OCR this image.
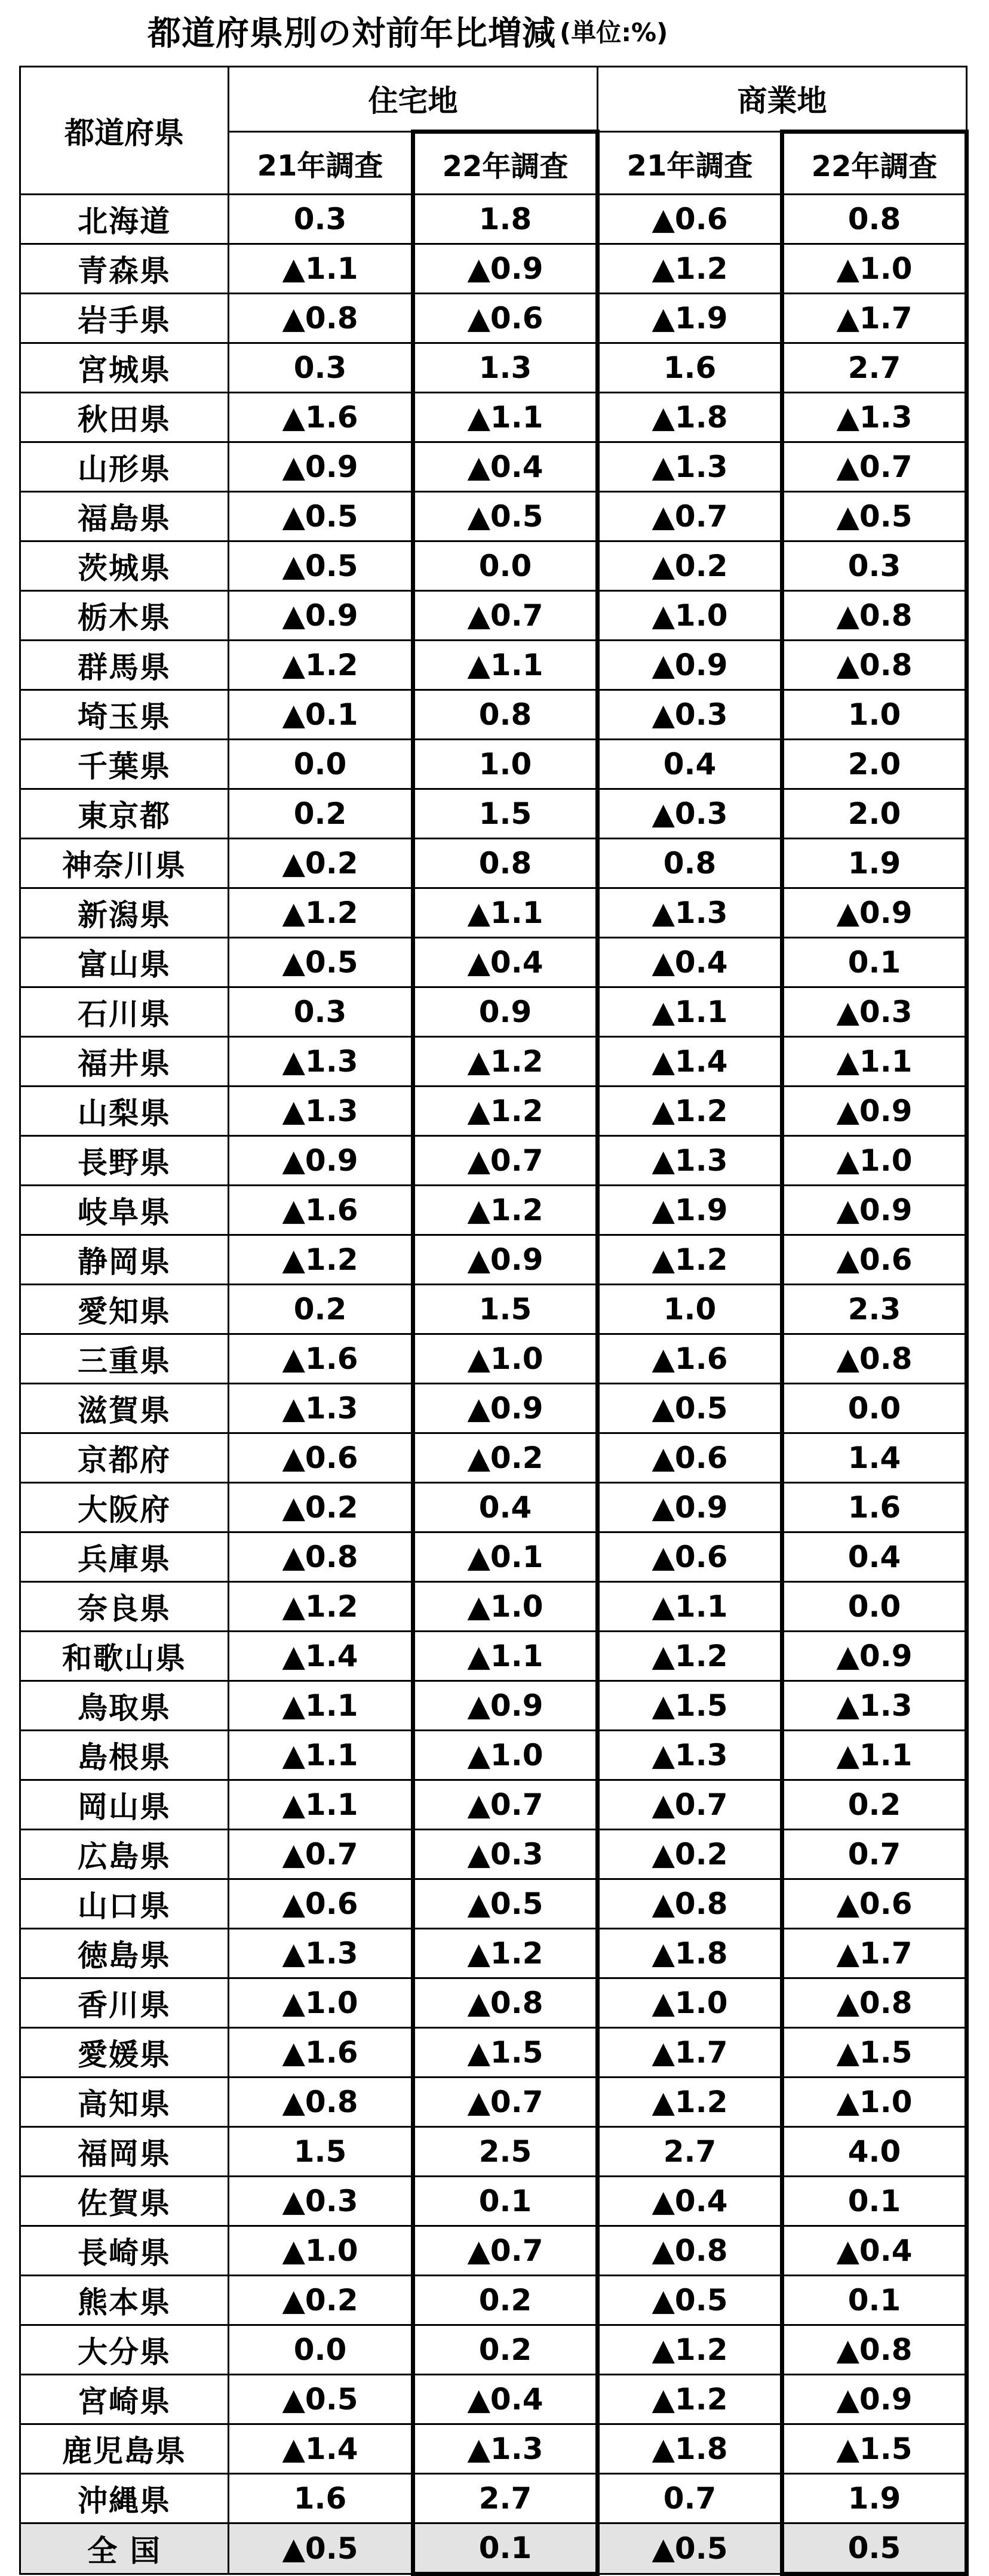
都道府県別の対前年比増減 (単位:%)
都道府県	住宅地		商業地	
	21年調査	22年調査	21年調査	22年調査
北海道	0.3	1.8	▲0.6	0.8
青森県	▲1.1	▲0.9	▲1.2	▲1.0
岩手県	▲0.8	▲0.6	▲1.9	▲1.7
宮城県	0.3	1.3	1.6	2.7
秋田県	▲1.6	▲1.1	▲1.8	▲1.3
山形県	▲0.9	▲0.4	▲1.3	▲0.7
福島県	▲0.5	▲0.5	▲0.7	▲0.5
茨城県	▲0.5	0.0	▲0.2	0.3
栃木県	▲0.9	▲0.7	▲1.0	▲0.8
群馬県	▲1.2	▲1.1	▲0.9	▲0.8
埼玉県	▲0.1	0.8	▲0.3	1.0
千葉県	0.0	1.0	0.4	2.0
東京都	0.2	1.5	▲0.3	2.0
神奈川県	▲0.2	0.8	0.8	1.9
新潟県	▲1.2	▲1.1	▲1.3	▲0.9
富山県	▲0.5	▲0.4	▲0.4	0.1
石川県	0.3	0.9	▲1.1	▲0.3
福井県	▲1.3	▲1.2	▲1.4	▲1.1
山梨県	▲1.3	▲1.2	▲1.2	▲0.9
長野県	▲0.9	▲0.7	▲1.3	▲1.0
岐阜県	▲1.6	▲1.2	▲1.9	▲0.9
静岡県	▲1.2	▲0.9	▲1.2	▲0.6
愛知県	0.2	1.5	1.0	2.3
三重県	▲1.6	▲1.0	▲1.6	▲0.8
滋賀県	▲1.3	▲0.9	▲0.5	0.0
京都府	▲0.6	▲0.2	▲0.6	1.4
大阪府	▲0.2	0.4	▲0.9	1.6
兵庫県	▲0.8	▲0.1	▲0.6	0.4
奈良県	▲1.2	▲1.0	▲1.1	0.0
和歌山県	▲1.4	▲1.1	▲1.2	▲0.9
鳥取県	▲1.1	▲0.9	▲1.5	▲1.3
島根県	▲1.1	▲1.0	▲1.3	▲1.1
岡山県	▲1.1	▲0.7	▲0.7	0.2
広島県	▲0.7	▲0.3	▲0.2	0.7
山口県	▲0.6	▲0.5	▲0.8	▲0.6
徳島県	▲1.3	▲1.2	▲1.8	▲1.7
香川県	▲1.0	▲0.8	▲1.0	▲0.8
愛媛県	▲1.6	▲1.5	▲1.7	▲1.5
高知県	▲0.8	▲0.7	▲1.2	▲1.0
福岡県	1.5	2.5	2.7	4.0
佐賀県	▲0.3	0.1	▲0.4	0.1
長崎県	▲1.0	▲0.7	▲0.8	▲0.4
熊本県	▲0.2	0.2	▲0.5	0.1
大分県	0.0	0.2	▲1.2	▲0.8
宮崎県	▲0.5	▲0.4	▲1.2	▲0.9
鹿児島県	▲1.4	▲1.3	▲1.8	▲1.5
沖縄県	1.6	2.7	0.7	1.9
全 国	▲0.5	0.1	▲0.5	0.5
